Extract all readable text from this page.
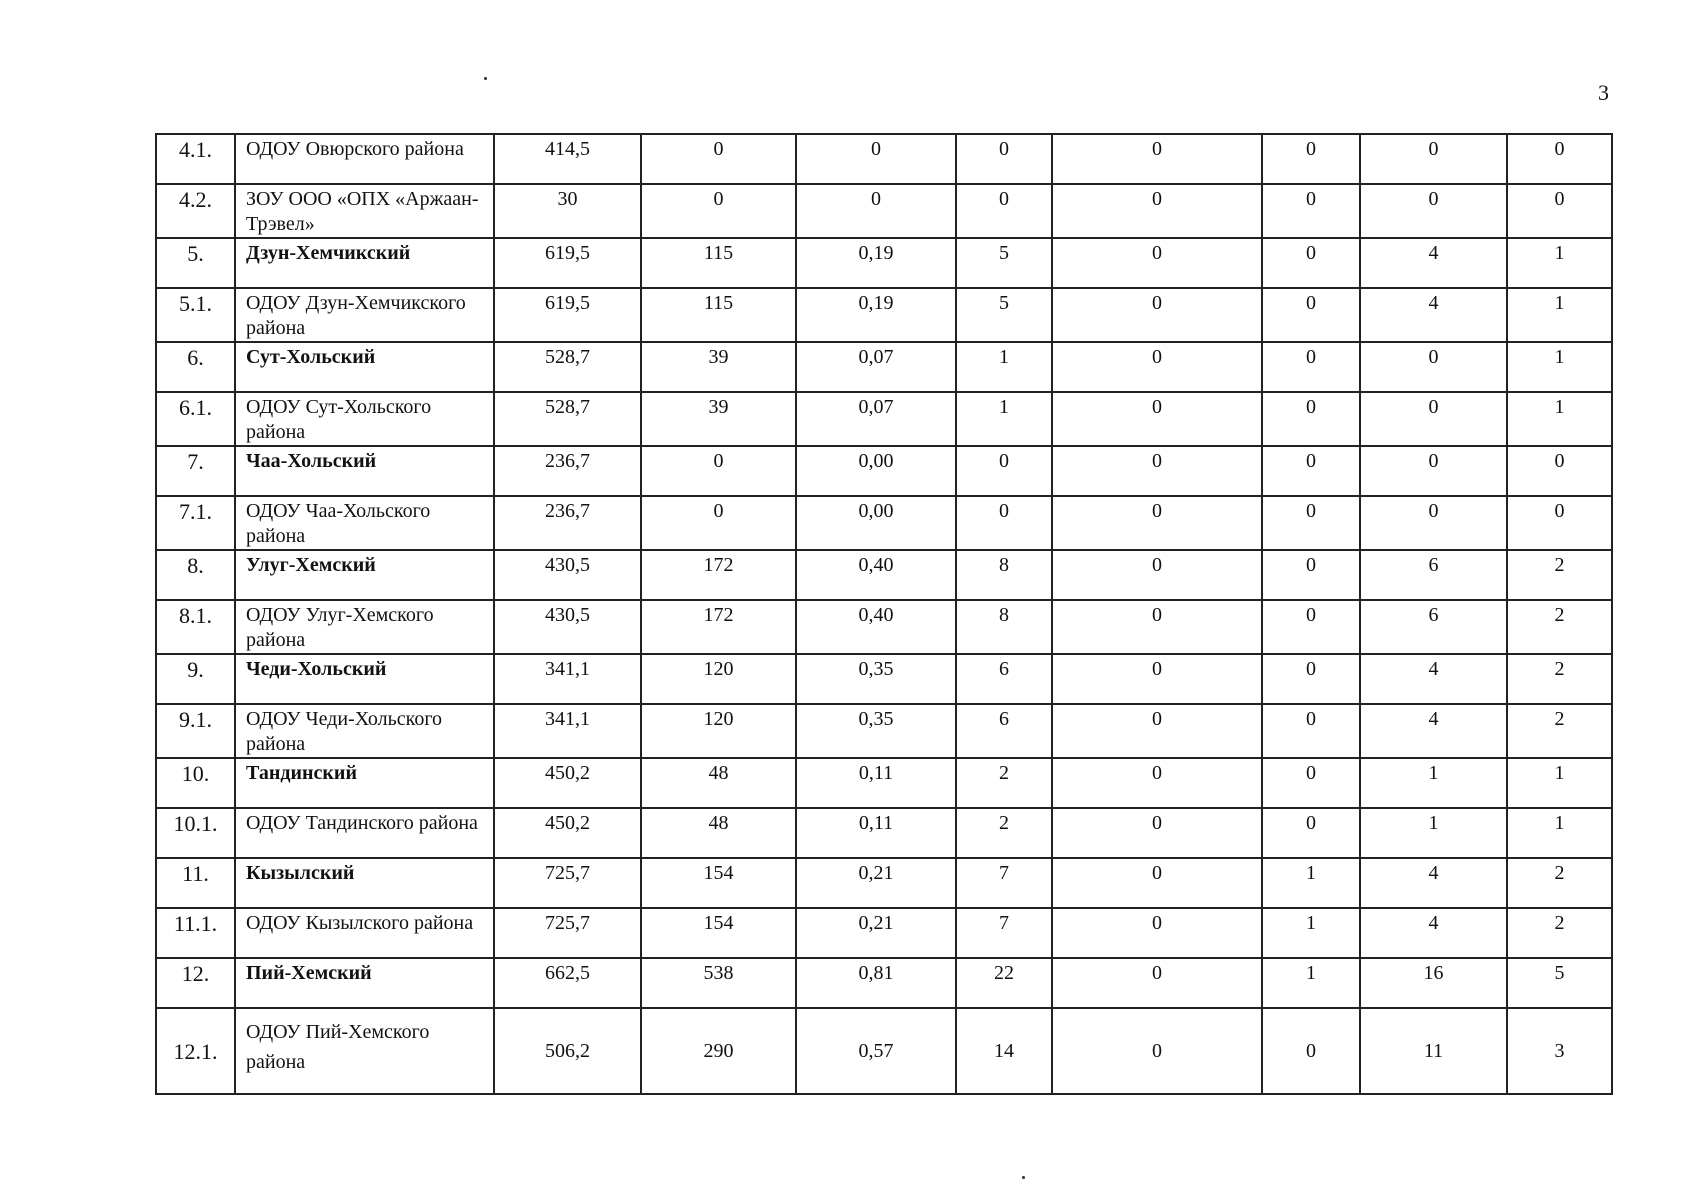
3
4.1.	ОДОУ Овюрского района	414,5	0	0	0	0	0	0	0
4.2.	ЗОУ ООО «ОПХ «Аржаан-Трэвел»	30	0	0	0	0	0	0	0
5.	Дзун-Хемчикский	619,5	115	0,19	5	0	0	4	1
5.1.	ОДОУ Дзун-Хемчикского района	619,5	115	0,19	5	0	0	4	1
6.	Сут-Хольский	528,7	39	0,07	1	0	0	0	1
6.1.	ОДОУ Сут-Хольского района	528,7	39	0,07	1	0	0	0	1
7.	Чаа-Хольский	236,7	0	0,00	0	0	0	0	0
7.1.	ОДОУ Чаа-Хольского района	236,7	0	0,00	0	0	0	0	0
8.	Улуг-Хемский	430,5	172	0,40	8	0	0	6	2
8.1.	ОДОУ Улуг-Хемского района	430,5	172	0,40	8	0	0	6	2
9.	Чеди-Хольский	341,1	120	0,35	6	0	0	4	2
9.1.	ОДОУ Чеди-Хольского района	341,1	120	0,35	6	0	0	4	2
10.	Тандинский	450,2	48	0,11	2	0	0	1	1
10.1.	ОДОУ Тандинского района	450,2	48	0,11	2	0	0	1	1
11.	Кызылский	725,7	154	0,21	7	0	1	4	2
11.1.	ОДОУ Кызылского района	725,7	154	0,21	7	0	1	4	2
12.	Пий-Хемский	662,5	538	0,81	22	0	1	16	5
12.1.	ОДОУ Пий-Хемского района	506,2	290	0,57	14	0	0	11	3
